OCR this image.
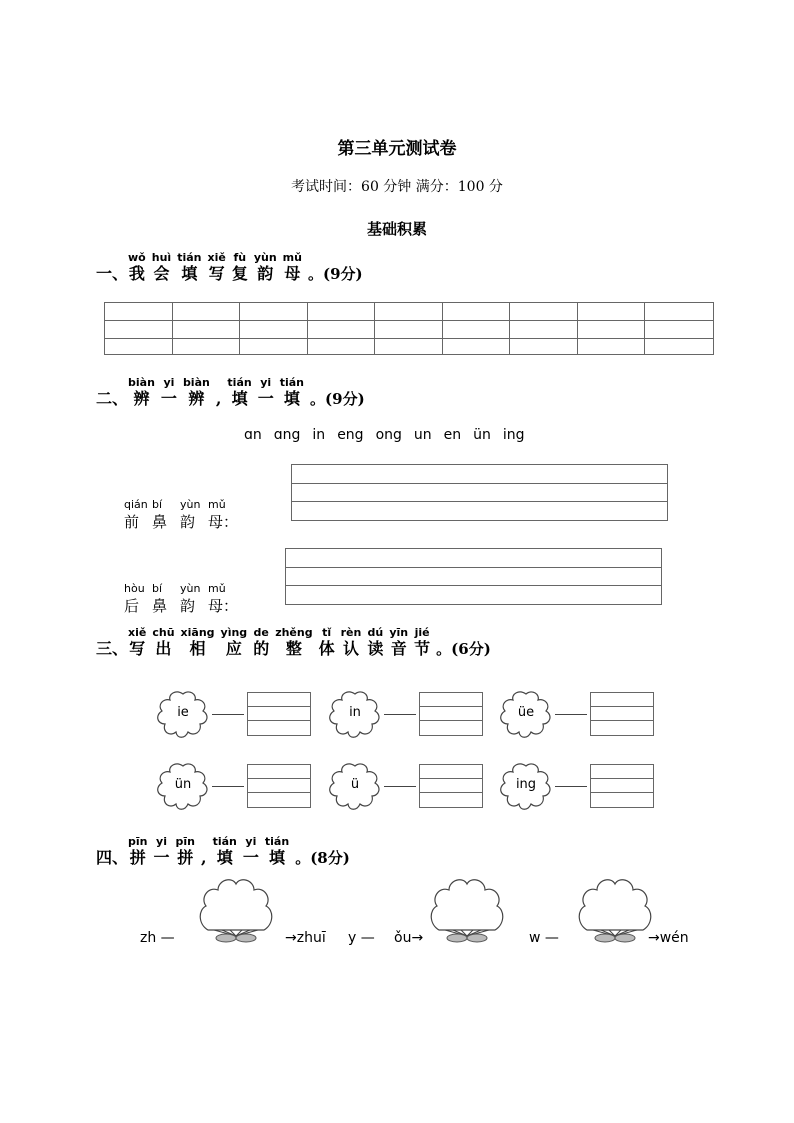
第三单元测试卷
考试时间：60 分钟 满分：100 分
基础积累
一、
wǒ
我
huì
会
tián
填
xiě
写
fù
复
yùn
韵
mǔ
母 。(9分)
二、
biàn
辨
yi
一
biàn
辨
,
tián
填
yi
一
tián
填 。(9分)
ɑn ɑng in eng ong un en ün ing
qián bí	yùn mǔ
前 鼻 韵 母：
hòu bí	yùn mǔ
后 鼻 韵 母：
三、
xiě
写
chū
出
xiāng
相
yìng
应
de
的
zhěng
整
tǐ
体
rèn
认
dú
读
yīn
音
jié
节 。(6分)
ie	in	üe
ün	ü	ing
四、
pīn
拼
yi
一
pīn
拼
,
tián
填
yi
一
tián
填 。(8分)
zh —	→zhuī y — ǒu→	w —	→wén
